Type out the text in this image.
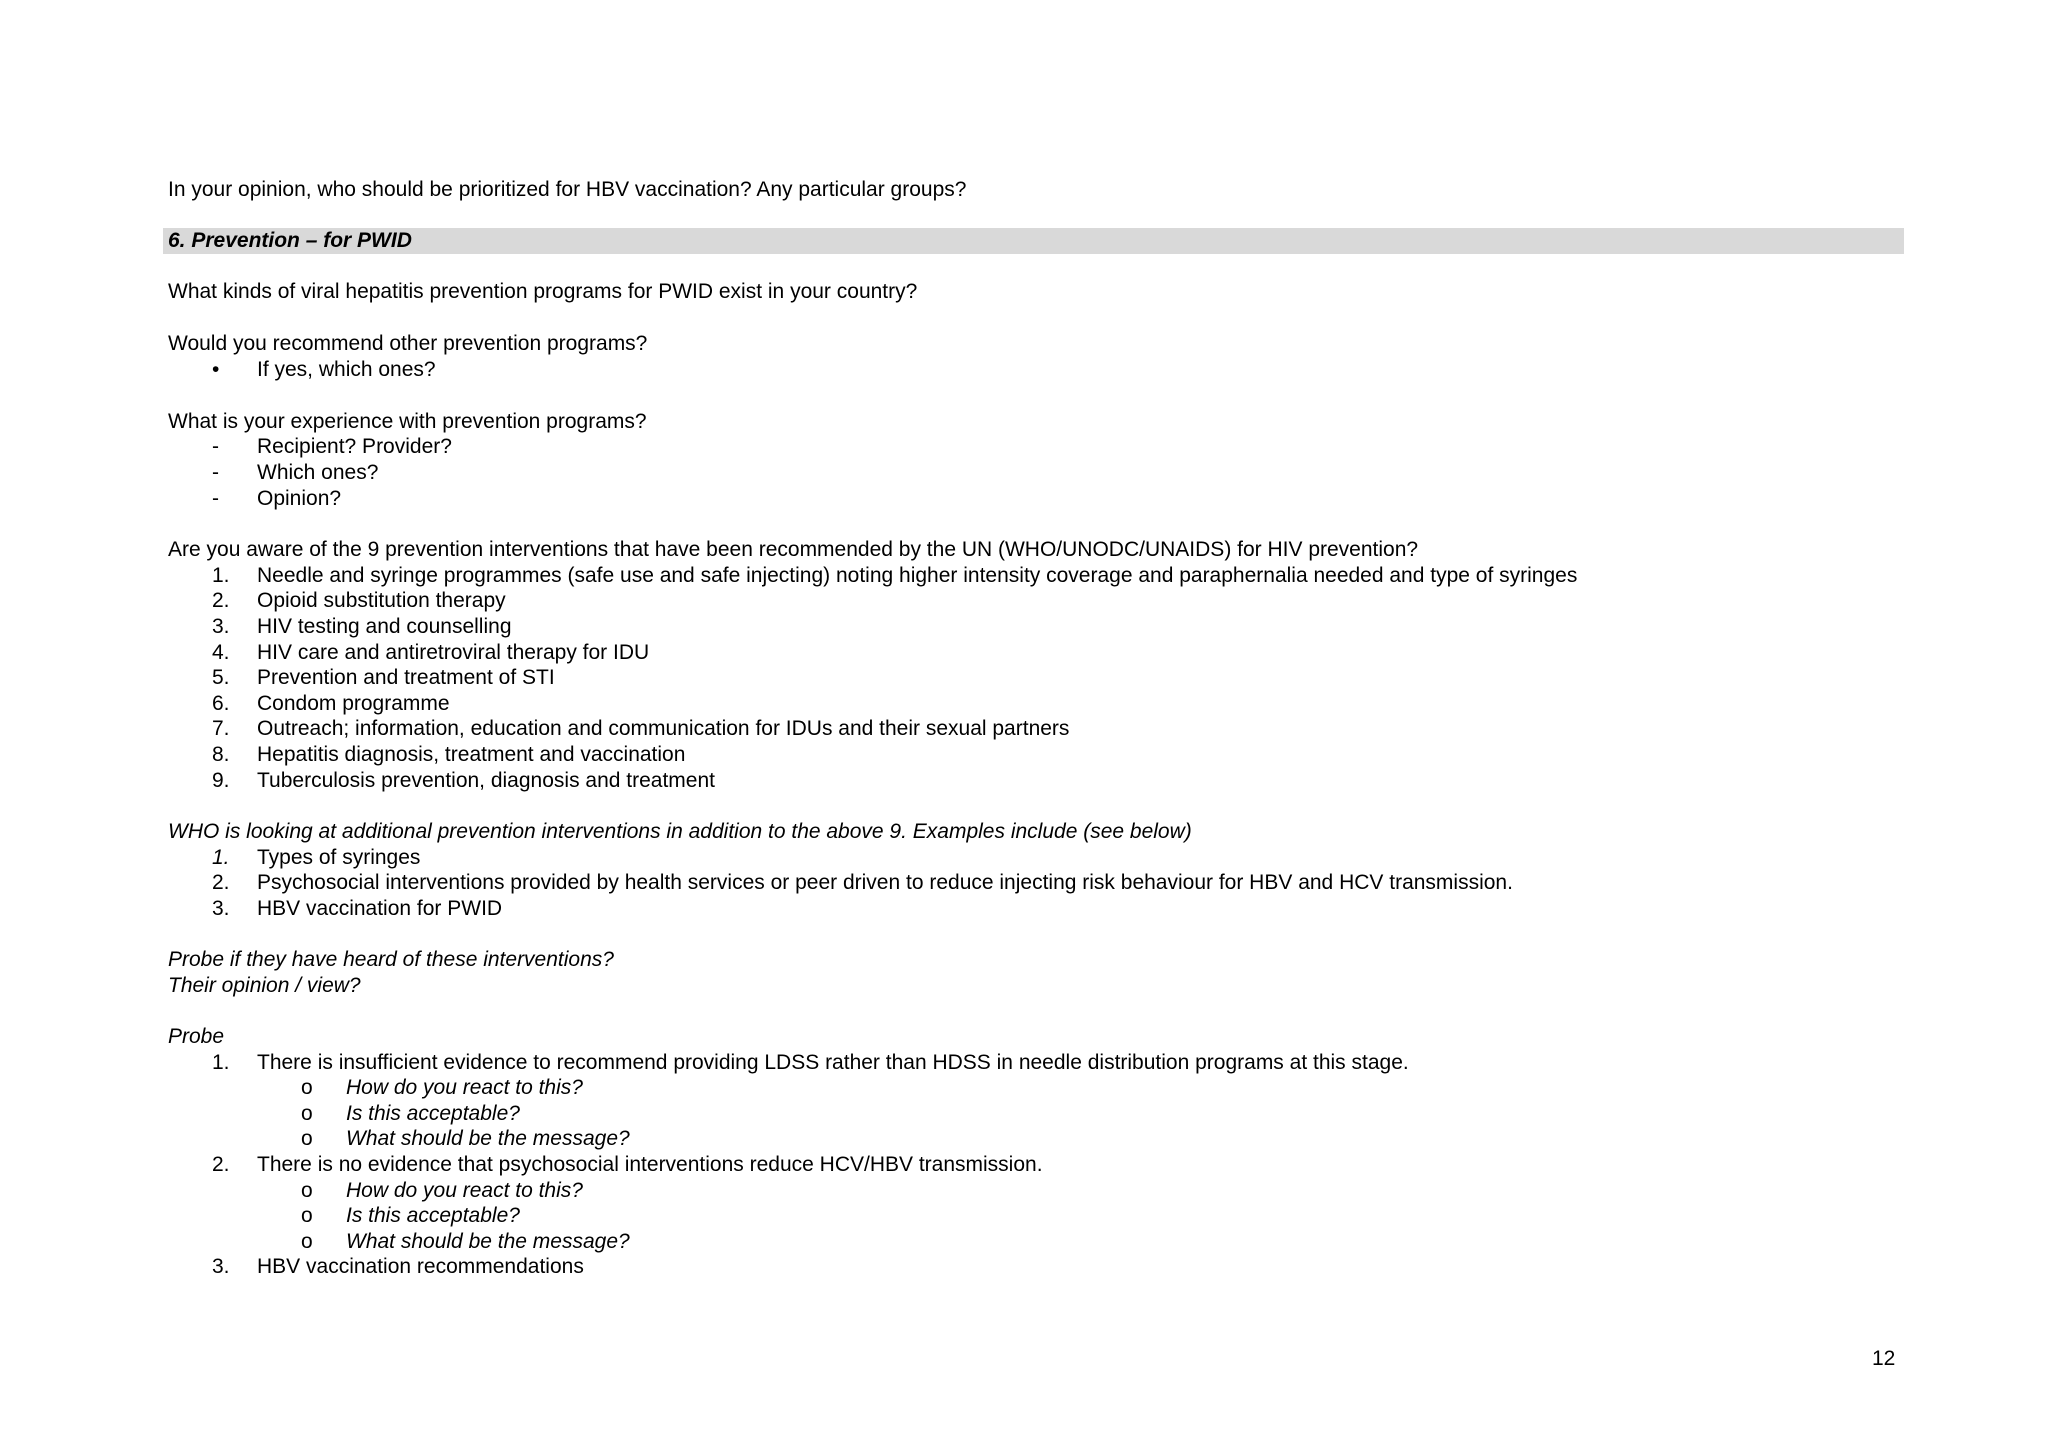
In your opinion, who should be prioritized for HBV vaccination? Any particular groups?
6. Prevention – for PWID
What kinds of viral hepatitis prevention programs for PWID exist in your country?
Would you recommend other prevention programs?
• If yes, which ones?
What is your experience with prevention programs?
- Recipient? Provider?
- Which ones?
- Opinion?
Are you aware of the 9 prevention interventions that have been recommended by the UN (WHO/UNODC/UNAIDS) for HIV prevention?
1. Needle and syringe programmes (safe use and safe injecting) noting higher intensity coverage and paraphernalia needed and type of syringes
2. Opioid substitution therapy
3. HIV testing and counselling
4. HIV care and antiretroviral therapy for IDU
5. Prevention and treatment of STI
6. Condom programme
7. Outreach; information, education and communication for IDUs and their sexual partners
8. Hepatitis diagnosis, treatment and vaccination
9. Tuberculosis prevention, diagnosis and treatment
WHO is looking at additional prevention interventions in addition to the above 9. Examples include (see below)
1. Types of syringes
2. Psychosocial interventions provided by health services or peer driven to reduce injecting risk behaviour for HBV and HCV transmission.
3. HBV vaccination for PWID
Probe if they have heard of these interventions?
Their opinion / view?
Probe
1. There is insufficient evidence to recommend providing LDSS rather than HDSS in needle distribution programs at this stage.
o How do you react to this?
o Is this acceptable?
o What should be the message?
2. There is no evidence that psychosocial interventions reduce HCV/HBV transmission.
o How do you react to this?
o Is this acceptable?
o What should be the message?
3. HBV vaccination recommendations
12
